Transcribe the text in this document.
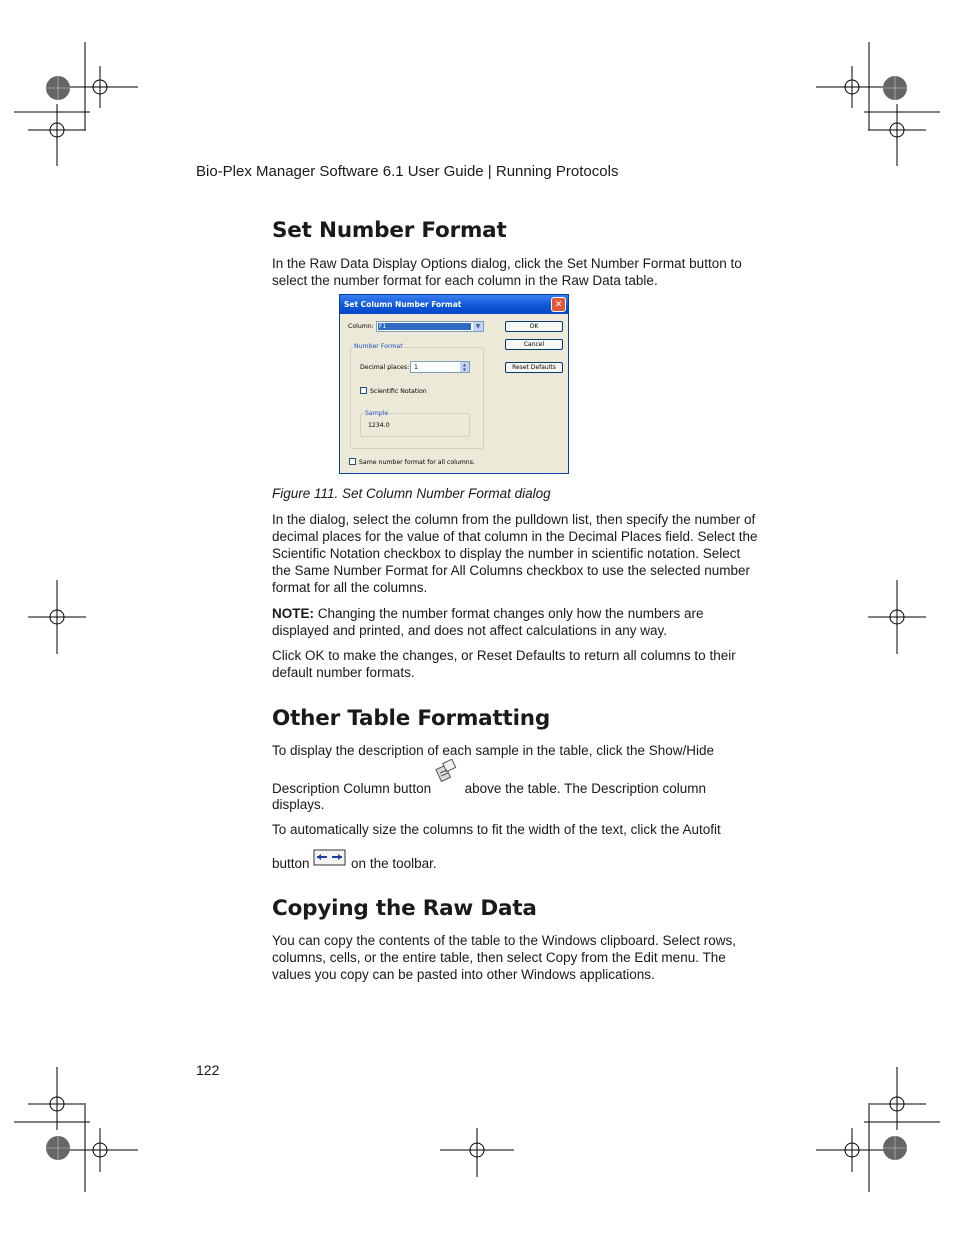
Bio-Plex Manager Software 6.1 User Guide | Running Protocols
Set Number Format
In the Raw Data Display Options dialog, click the Set Number Format button to select the number format for each column in the Raw Data table.
Set Column Number Format	✕
Column: F1	▼	OK
Cancel
Reset Defaults
Number Format
Decimal places: 1	▲
▼
Scientific Notation
Sample
1234.0
Same number format for all columns.
Figure 111. Set Column Number Format dialog
In the dialog, select the column from the pulldown list, then specify the number of decimal places for the value of that column in the Decimal Places field. Select the Scientific Notation checkbox to display the number in scientific notation. Select the Same Number Format for All Columns checkbox to use the selected number format for all the columns.
NOTE: Changing the number format changes only how the numbers are displayed and printed, and does not affect calculations in any way.
Click OK to make the changes, or Reset Defaults to return all columns to their default number formats.
Other Table Formatting
To display the description of each sample in the table, click the Show/Hide
Description Column button
above the table. The Description column
displays.
To automatically size the columns to fit the width of the text, click the Autofit
button	on the toolbar.
Copying the Raw Data
You can copy the contents of the table to the Windows clipboard. Select rows, columns, cells, or the entire table, then select Copy from the Edit menu. The values you copy can be pasted into other Windows applications.
122
